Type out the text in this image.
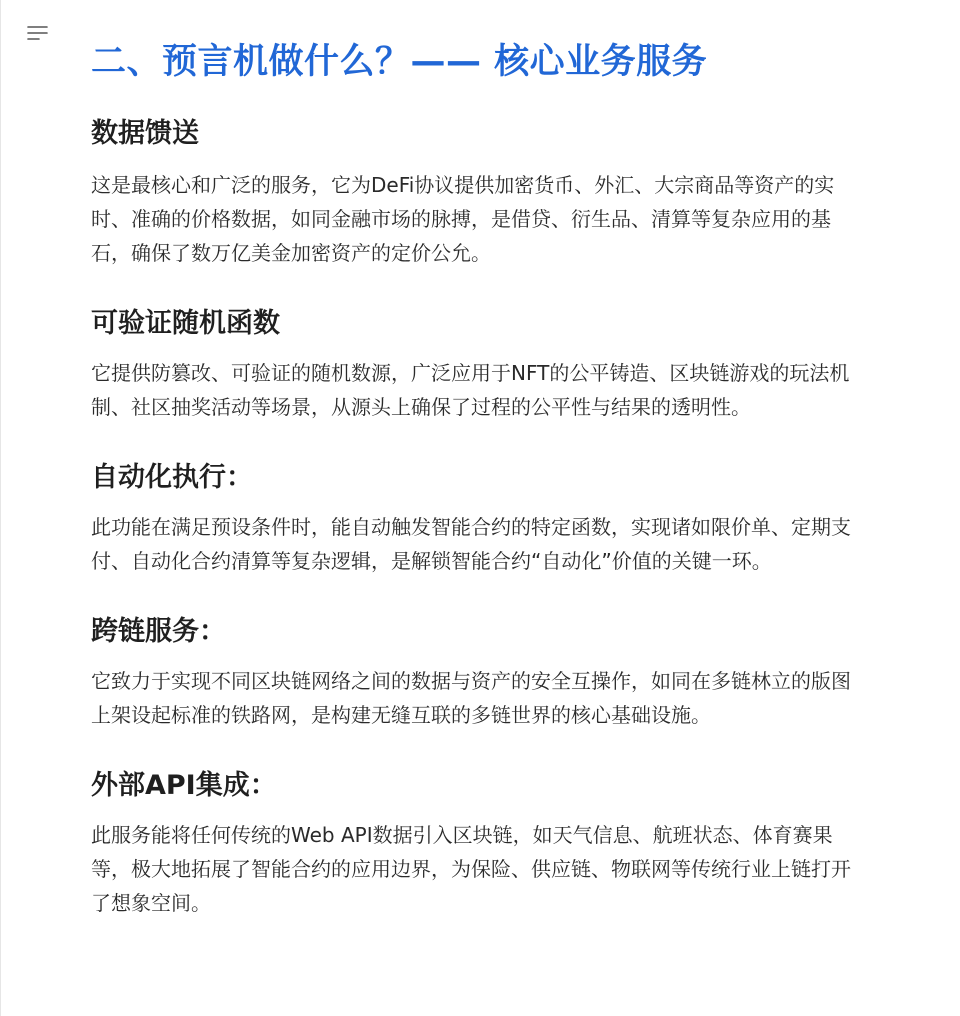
二、预言机做什么？—— 核心业务服务
数据馈送

这是最核心和广泛的服务，它为DeFi协议提供加密货币、外汇、大宗商品等资产的实时、准确的价格数据，如同金融市场的脉搏，是借贷、衍生品、清算等复杂应用的基石，确保了数万亿美金加密资产的定价公允。

可验证随机函数

它提供防篡改、可验证的随机数源，广泛应用于NFT的公平铸造、区块链游戏的玩法机制、社区抽奖活动等场景，从源头上确保了过程的公平性与结果的透明性。

自动化执行：

此功能在满足预设条件时，能自动触发智能合约的特定函数，实现诸如限价单、定期支付、自动化合约清算等复杂逻辑，是解锁智能合约“自动化”价值的关键一环。

跨链服务：

它致力于实现不同区块链网络之间的数据与资产的安全互操作，如同在多链林立的版图上架设起标准的铁路网，是构建无缝互联的多链世界的核心基础设施。

外部API集成：

此服务能将任何传统的Web API数据引入区块链，如天气信息、航班状态、体育赛果等，极大地拓展了智能合约的应用边界，为保险、供应链、物联网等传统行业上链打开了想象空间。
